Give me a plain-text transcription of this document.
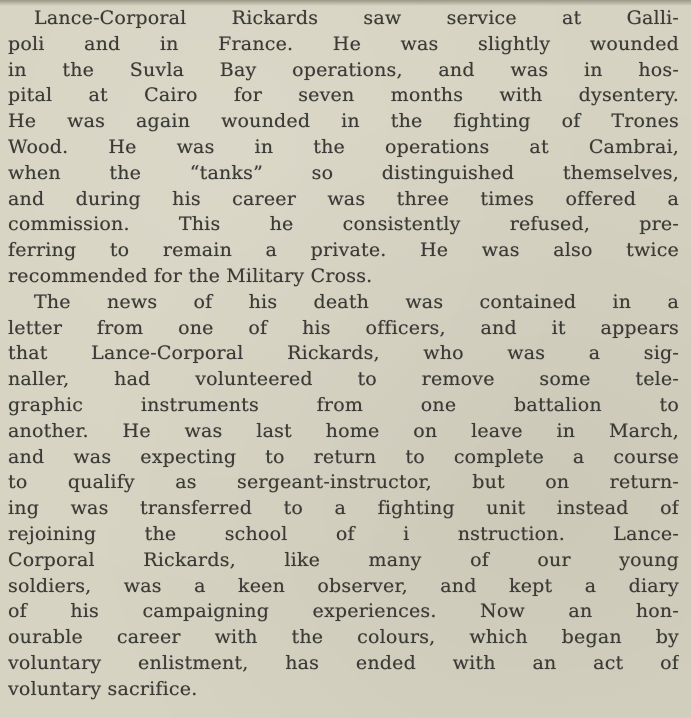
Lance-Corporal Rickards saw service at Galli-
poli and in France. He was slightly wounded
in the Suvla Bay operations, and was in hos-
pital at Cairo for seven months with dysentery.
He was again wounded in the fighting of Trones
Wood. He was in the operations at Cambrai,
when the “tanks” so distinguished themselves,
and during his career was three times offered a
commission. This he consistently refused, pre-
ferring to remain a private. He was also twice
recommended for the Military Cross.
The news of his death was contained in a
letter from one of his officers, and it appears
that Lance-Corporal Rickards, who was a sig-
naller, had volunteered to remove some tele-
graphic instruments from one battalion to
another. He was last home on leave in March,
and was expecting to return to complete a course
to qualify as sergeant-instructor, but on return-
ing was transferred to a fighting unit instead of
rejoining the school of i nstruction. Lance-
Corporal Rickards, like many of our young
soldiers, was a keen observer, and kept a diary
of his campaigning experiences. Now an hon-
ourable career with the colours, which began by
voluntary enlistment, has ended with an act of
voluntary sacrifice.
